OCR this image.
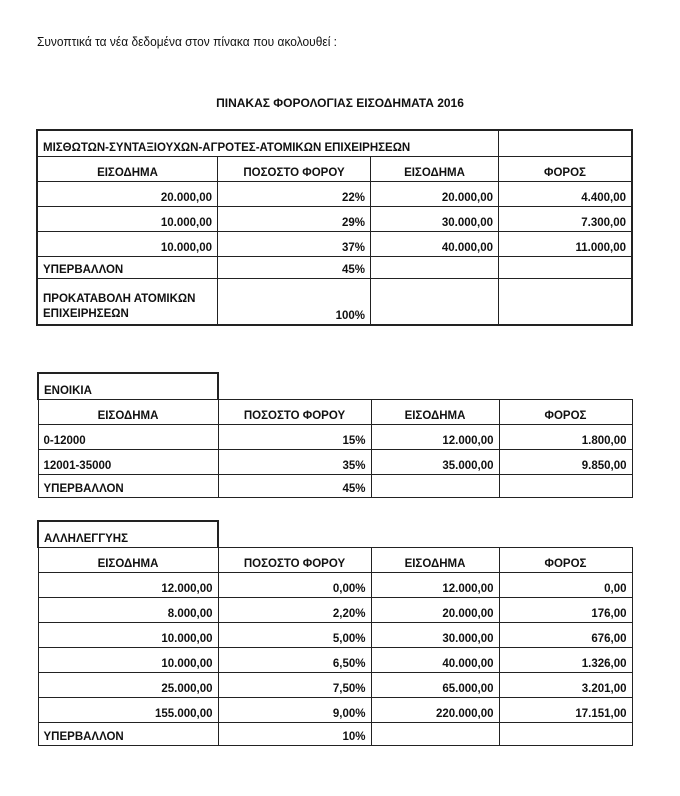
Συνοπτικά τα νέα δεδομένα στον πίνακα που ακολουθεί :
ΠΙΝΑΚΑΣ ΦΟΡΟΛΟΓΙΑΣ ΕΙΣΟΔΗΜΑΤΑ 2016
ΜΙΣΘΩΤΩΝ-ΣΥΝΤΑΞΙΟΥΧΩΝ-ΑΓΡΟΤΕΣ-ΑΤΟΜΙΚΩΝ ΕΠΙΧΕΙΡΗΣΕΩΝ			
ΕΙΣΟΔΗΜΑ	ΠΟΣΟΣΤΟ ΦΟΡΟΥ	ΕΙΣΟΔΗΜΑ	ΦΟΡΟΣ
20.000,00	22%	20.000,00	4.400,00
10.000,00	29%	30.000,00	7.300,00
10.000,00	37%	40.000,00	11.000,00
ΥΠΕΡΒΑΛΛΟΝ	45%		
ΠΡΟΚΑΤΑΒΟΛΗ ΑΤΟΜΙΚΩΝ ΕΠΙΧΕΙΡΗΣΕΩΝ	100%		
ΕΝΟΙΚΙΑ			
ΕΙΣΟΔΗΜΑ	ΠΟΣΟΣΤΟ ΦΟΡΟΥ	ΕΙΣΟΔΗΜΑ	ΦΟΡΟΣ
0-12000	15%	12.000,00	1.800,00
12001-35000	35%	35.000,00	9.850,00
ΥΠΕΡΒΑΛΛΟΝ	45%		
ΑΛΛΗΛΕΓΓΥΗΣ			
ΕΙΣΟΔΗΜΑ	ΠΟΣΟΣΤΟ ΦΟΡΟΥ	ΕΙΣΟΔΗΜΑ	ΦΟΡΟΣ
12.000,00	0,00%	12.000,00	0,00
8.000,00	2,20%	20.000,00	176,00
10.000,00	5,00%	30.000,00	676,00
10.000,00	6,50%	40.000,00	1.326,00
25.000,00	7,50%	65.000,00	3.201,00
155.000,00	9,00%	220.000,00	17.151,00
ΥΠΕΡΒΑΛΛΟΝ	10%		
